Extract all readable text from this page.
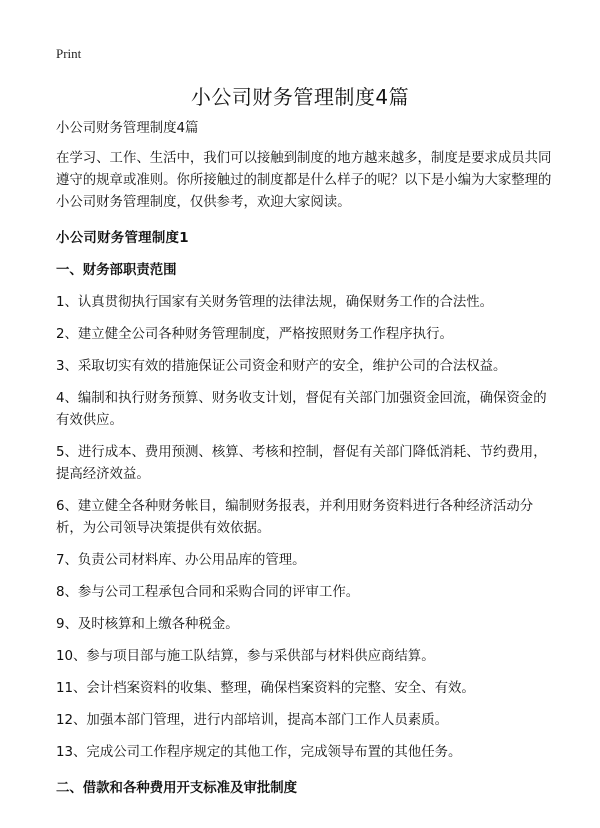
Print
小公司财务管理制度4篇

小公司财务管理制度4篇

在学习、工作、生活中，我们可以接触到制度的地方越来越多，制度是要求成员共同遵守的规章或准则。你所接触过的制度都是什么样子的呢？以下是小编为大家整理的小公司财务管理制度，仅供参考，欢迎大家阅读。

小公司财务管理制度1
一、财务部职责范围
1、认真贯彻执行国家有关财务管理的法律法规，确保财务工作的合法性。
2、建立健全公司各种财务管理制度，严格按照财务工作程序执行。
3、采取切实有效的措施保证公司资金和财产的安全，维护公司的合法权益。
4、编制和执行财务预算、财务收支计划，督促有关部门加强资金回流，确保资金的有效供应。
5、进行成本、费用预测、核算、考核和控制，督促有关部门降低消耗、节约费用，提高经济效益。
6、建立健全各种财务帐目，编制财务报表，并利用财务资料进行各种经济活动分析，为公司领导决策提供有效依据。
7、负责公司材料库、办公用品库的管理。
8、参与公司工程承包合同和采购合同的评审工作。
9、及时核算和上缴各种税金。
10、参与项目部与施工队结算，参与采供部与材料供应商结算。
11、会计档案资料的收集、整理，确保档案资料的完整、安全、有效。
12、加强本部门管理，进行内部培训，提高本部门工作人员素质。
13、完成公司工作程序规定的其他工作，完成领导布置的其他任务。
二、借款和各种费用开支标准及审批制度
